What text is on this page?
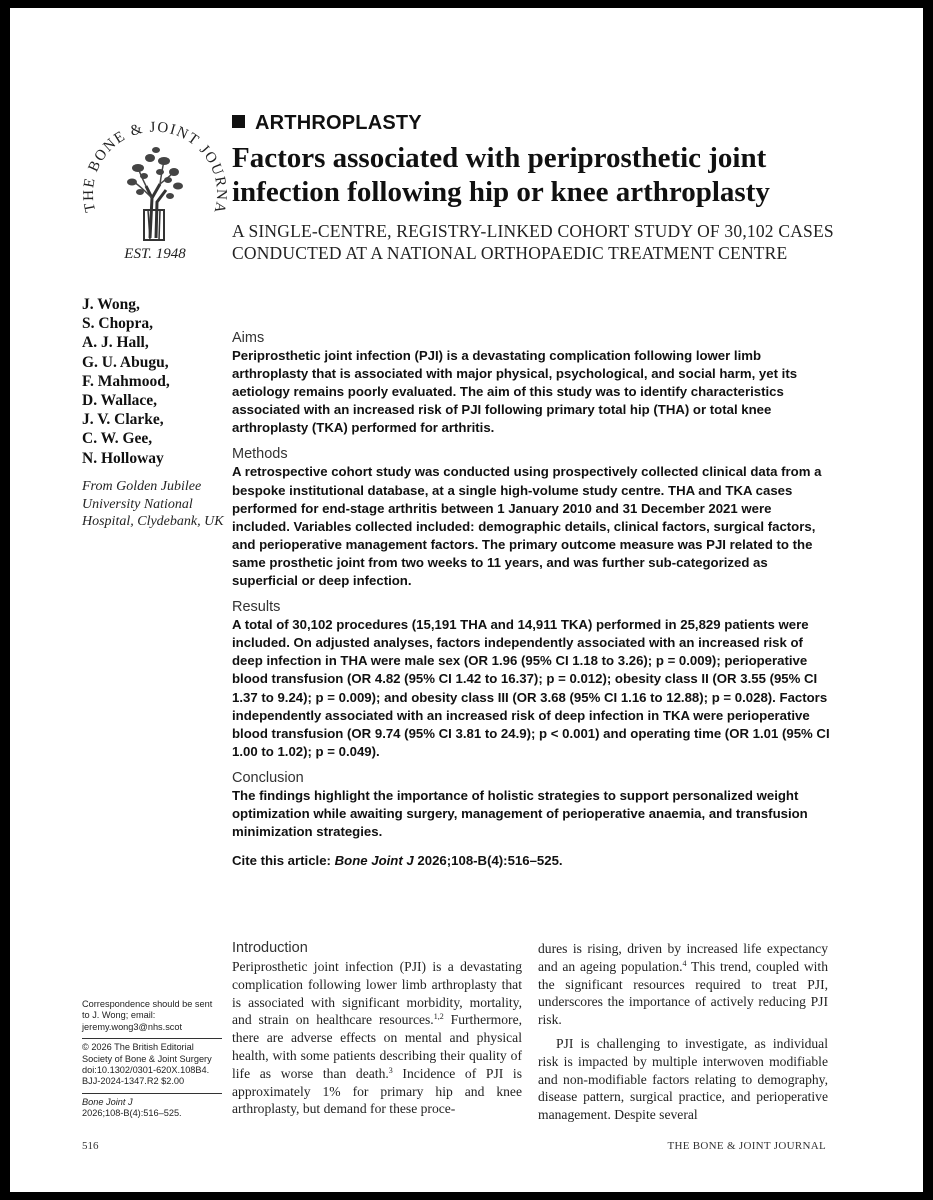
THE BONE & JOINT JOURNA
EST. 1948
ARTHROPLASTY
Factors associated with periprosthetic joint infection following hip or knee arthroplasty
A SINGLE-CENTRE, REGISTRY-LINKED COHORT STUDY OF 30,102 CASES CONDUCTED AT A NATIONAL ORTHOPAEDIC TREATMENT CENTRE
J. Wong,
S. Chopra,
A. J. Hall,
G. U. Abugu,
F. Mahmood,
D. Wallace,
J. V. Clarke,
C. W. Gee,
N. Holloway
From Golden Jubilee University National Hospital, Clydebank, UK
Aims
Periprosthetic joint infection (PJI) is a devastating complication following lower limb arthroplasty that is associated with major physical, psychological, and social harm, yet its aetiology remains poorly evaluated. The aim of this study was to identify characteristics associated with an increased risk of PJI following primary total hip (THA) or total knee arthroplasty (TKA) performed for arthritis.
Methods
A retrospective cohort study was conducted using prospectively collected clinical data from a bespoke institutional database, at a single high-volume study centre. THA and TKA cases performed for end-stage arthritis between 1 January 2010 and 31 December 2021 were included. Variables collected included: demographic details, clinical factors, surgical factors, and perioperative management factors. The primary outcome measure was PJI related to the same prosthetic joint from two weeks to 11 years, and was further sub-categorized as superficial or deep infection.
Results
A total of 30,102 procedures (15,191 THA and 14,911 TKA) performed in 25,829 patients were included. On adjusted analyses, factors independently associated with an increased risk of deep infection in THA were male sex (OR 1.96 (95% CI 1.18 to 3.26); p = 0.009); perioperative blood transfusion (OR 4.82 (95% CI 1.42 to 16.37); p = 0.012); obesity class II (OR 3.55 (95% CI 1.37 to 9.24); p = 0.009); and obesity class III (OR 3.68 (95% CI 1.16 to 12.88); p = 0.028). Factors independently associated with an increased risk of deep infection in TKA were perioperative blood transfusion (OR 9.74 (95% CI 3.81 to 24.9); p < 0.001) and operating time (OR 1.01 (95% CI 1.00 to 1.02); p = 0.049).
Conclusion
The findings highlight the importance of holistic strategies to support personalized weight optimization while awaiting surgery, management of perioperative anaemia, and transfusion minimization strategies.
Cite this article: Bone Joint J 2026;108-B(4):516–525.
Correspondence should be sent to J. Wong; email: jeremy.wong3@nhs.scot
© 2026 The British Editorial Society of Bone & Joint Surgery doi:10.1302/0301-620X.108B4. BJJ-2024-1347.R2 $2.00
Bone Joint J
2026;108-B(4):516–525.
Introduction

Periprosthetic joint infection (PJI) is a devastating complication following lower limb arthroplasty that is associated with significant morbidity, mortality, and strain on healthcare resources.$^{1,2}$ Furthermore, there are adverse effects on mental and physical health, with some patients describing their quality of life as worse than death.$^3$ Incidence of PJI is approximately 1% for primary hip and knee arthroplasty, but demand for these proce-

dures is rising, driven by increased life expectancy and an ageing population.$^4$ This trend, coupled with the significant resources required to treat PJI, underscores the importance of actively reducing PJI risk.

PJI is challenging to investigate, as individual risk is impacted by multiple interwoven modifiable and non-modifiable factors relating to demography, disease pattern, surgical practice, and perioperative management. Despite several

516	THE BONE & JOINT JOURNAL
